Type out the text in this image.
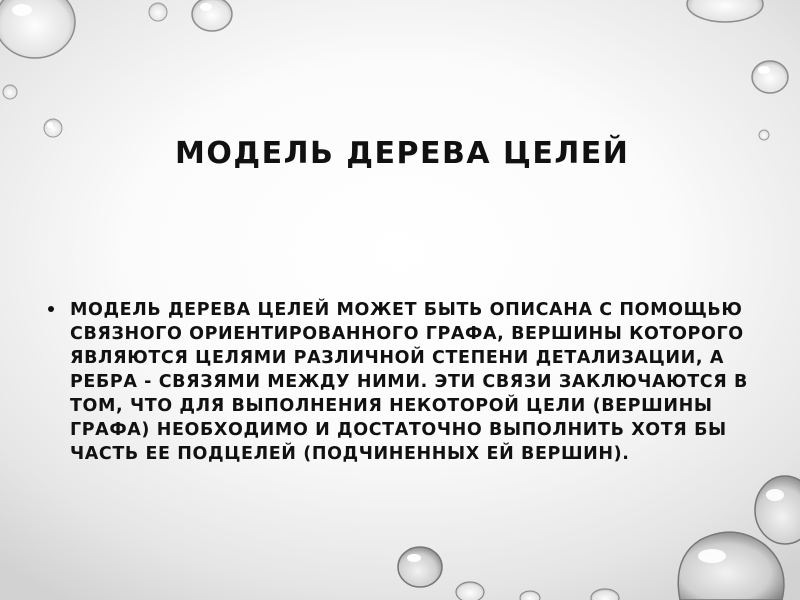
МОДЕЛЬ ДЕРЕВА ЦЕЛЕЙ
МОДЕЛЬ ДЕРЕВА ЦЕЛЕЙ МОЖЕТ БЫТЬ ОПИСАНА С ПОМОЩЬЮ СВЯЗНОГО ОРИЕНТИРОВАННОГО ГРАФА, ВЕРШИНЫ КОТОРОГО ЯВЛЯЮТСЯ ЦЕЛЯМИ РАЗЛИЧНОЙ СТЕПЕНИ ДЕТАЛИЗАЦИИ, А РЕБРА - СВЯЗЯМИ МЕЖДУ НИМИ. ЭТИ СВЯЗИ ЗАКЛЮЧАЮТСЯ В ТОМ, ЧТО ДЛЯ ВЫПОЛНЕНИЯ НЕКОТОРОЙ ЦЕЛИ (ВЕРШИНЫ ГРАФА) НЕОБХОДИМО И ДОСТАТОЧНО ВЫПОЛНИТЬ ХОТЯ БЫ ЧАСТЬ ЕЕ ПОДЦЕЛЕЙ (ПОДЧИНЕННЫХ ЕЙ ВЕРШИН).
